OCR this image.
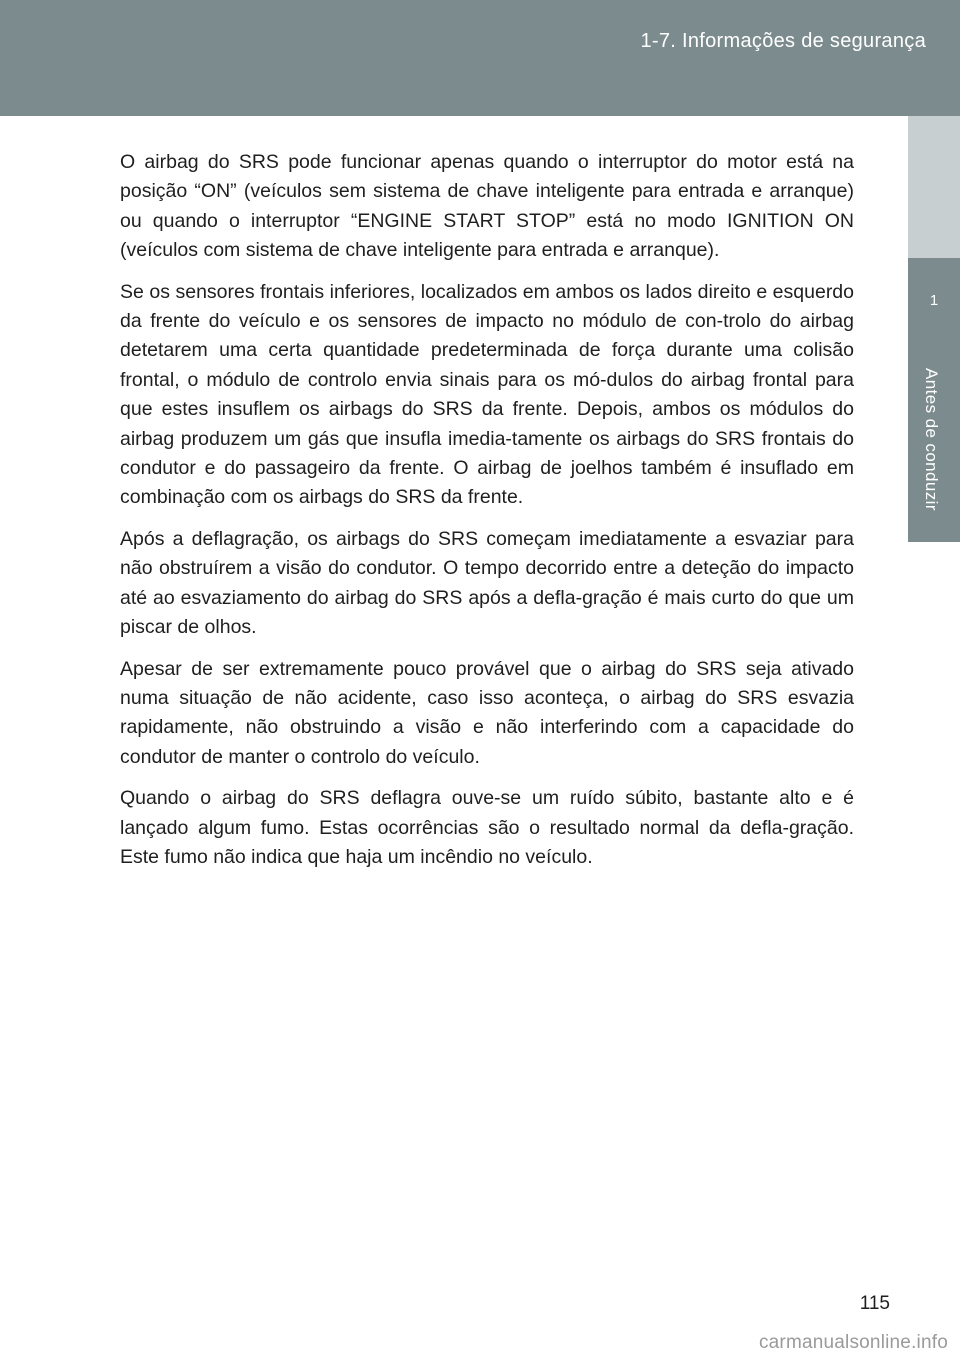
1-7. Informações de segurança
1
Antes de conduzir

O airbag do SRS pode funcionar apenas quando o interruptor do motor está na posição “ON” (veículos sem sistema de chave inteligente para entrada e arranque) ou quando o interruptor “ENGINE START STOP” está no modo IGNITION ON (veículos com sistema de chave inteligente para entrada e arranque).

Se os sensores frontais inferiores, localizados em ambos os lados direito e esquerdo da frente do veículo e os sensores de impacto no módulo de con-trolo do airbag detetarem uma certa quantidade predeterminada de força durante uma colisão frontal, o módulo de controlo envia sinais para os mó-dulos do airbag frontal para que estes insuflem os airbags do SRS da frente. Depois, ambos os módulos do airbag produzem um gás que insufla imedia-tamente os airbags do SRS frontais do condutor e do passageiro da frente. O airbag de joelhos também é insuflado em combinação com os airbags do SRS da frente.

Após a deflagração, os airbags do SRS começam imediatamente a esvaziar para não obstruírem a visão do condutor. O tempo decorrido entre a deteção do impacto até ao esvaziamento do airbag do SRS após a defla-gração é mais curto do que um piscar de olhos.

Apesar de ser extremamente pouco provável que o airbag do SRS seja ativado numa situação de não acidente, caso isso aconteça, o airbag do SRS esvazia rapidamente, não obstruindo a visão e não interferindo com a capacidade do condutor de manter o controlo do veículo.

Quando o airbag do SRS deflagra ouve-se um ruído súbito, bastante alto e é lançado algum fumo. Estas ocorrências são o resultado normal da defla-gração. Este fumo não indica que haja um incêndio no veículo.

115
carmanualsonline.info
